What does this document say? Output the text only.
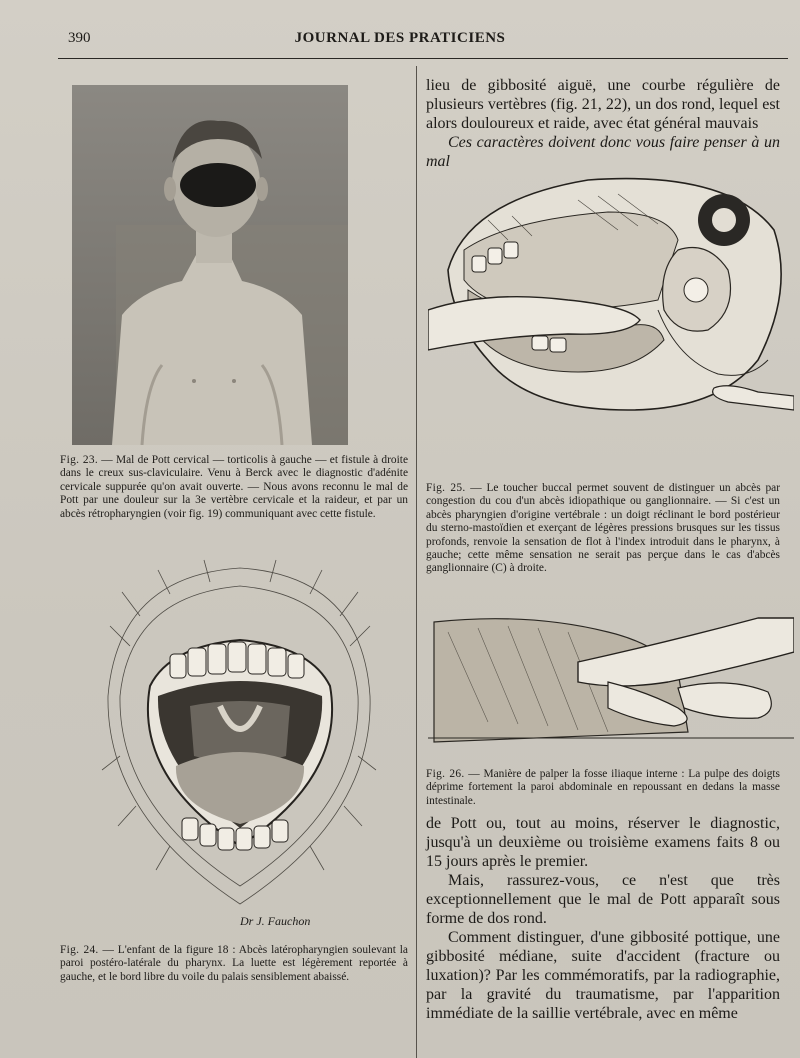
390	JOURNAL DES PRATICIENS
Fig. 23. — Mal de Pott cervical — torticolis à gauche — et fistule à droite dans le creux sus-claviculaire. Venu à Berck avec le diagnostic d'adénite cervicale suppurée qu'on avait ouverte. — Nous avons reconnu le mal de Pott par une douleur sur la 3e vertèbre cervicale et la raideur, et par un abcès rétropharyngien (voir fig. 19) communiquant avec cette fistule.
Dr J. Fauchon
Fig. 24. — L'enfant de la figure 18 : Abcès latéropharyngien soulevant la paroi postéro-latérale du pharynx. La luette est légèrement reportée à gauche, et le bord libre du voile du palais sensiblement abaissé.

lieu de gibbosité aiguë, une courbe régulière de plusieurs vertèbres (fig. 21, 22), un dos rond, lequel est alors douloureux et raide, avec état général mauvais

Ces caractères doivent donc vous faire penser à un mal

Fig. 25. — Le toucher buccal permet souvent de distinguer un abcès par congestion du cou d'un abcès idiopathique ou ganglionnaire. — Si c'est un abcès pharyngien d'origine vertébrale : un doigt réclinant le bord postérieur du sterno-mastoïdien et exerçant de légères pressions brusques sur les tissus profonds, renvoie la sensation de flot à l'index introduit dans le pharynx, à gauche; cette même sensation ne serait pas perçue dans le cas d'abcès ganglionnaire (C) à droite.
Fig. 26. — Manière de palper la fosse iliaque interne : La pulpe des doigts déprime fortement la paroi abdominale en repoussant en dedans la masse intestinale.

de Pott ou, tout au moins, réserver le diagnostic, jusqu'à un deuxième ou troisième examens faits 8 ou 15 jours après le premier.

Mais, rassurez-vous, ce n'est que très exceptionnellement que le mal de Pott apparaît sous forme de dos rond.

Comment distinguer, d'une gibbosité pottique, une gibbosité médiane, suite d'accident (fracture ou luxation)? Par les commémoratifs, par la radiographie, par la gravité du traumatisme, par l'apparition immédiate de la saillie vertébrale, avec en même
